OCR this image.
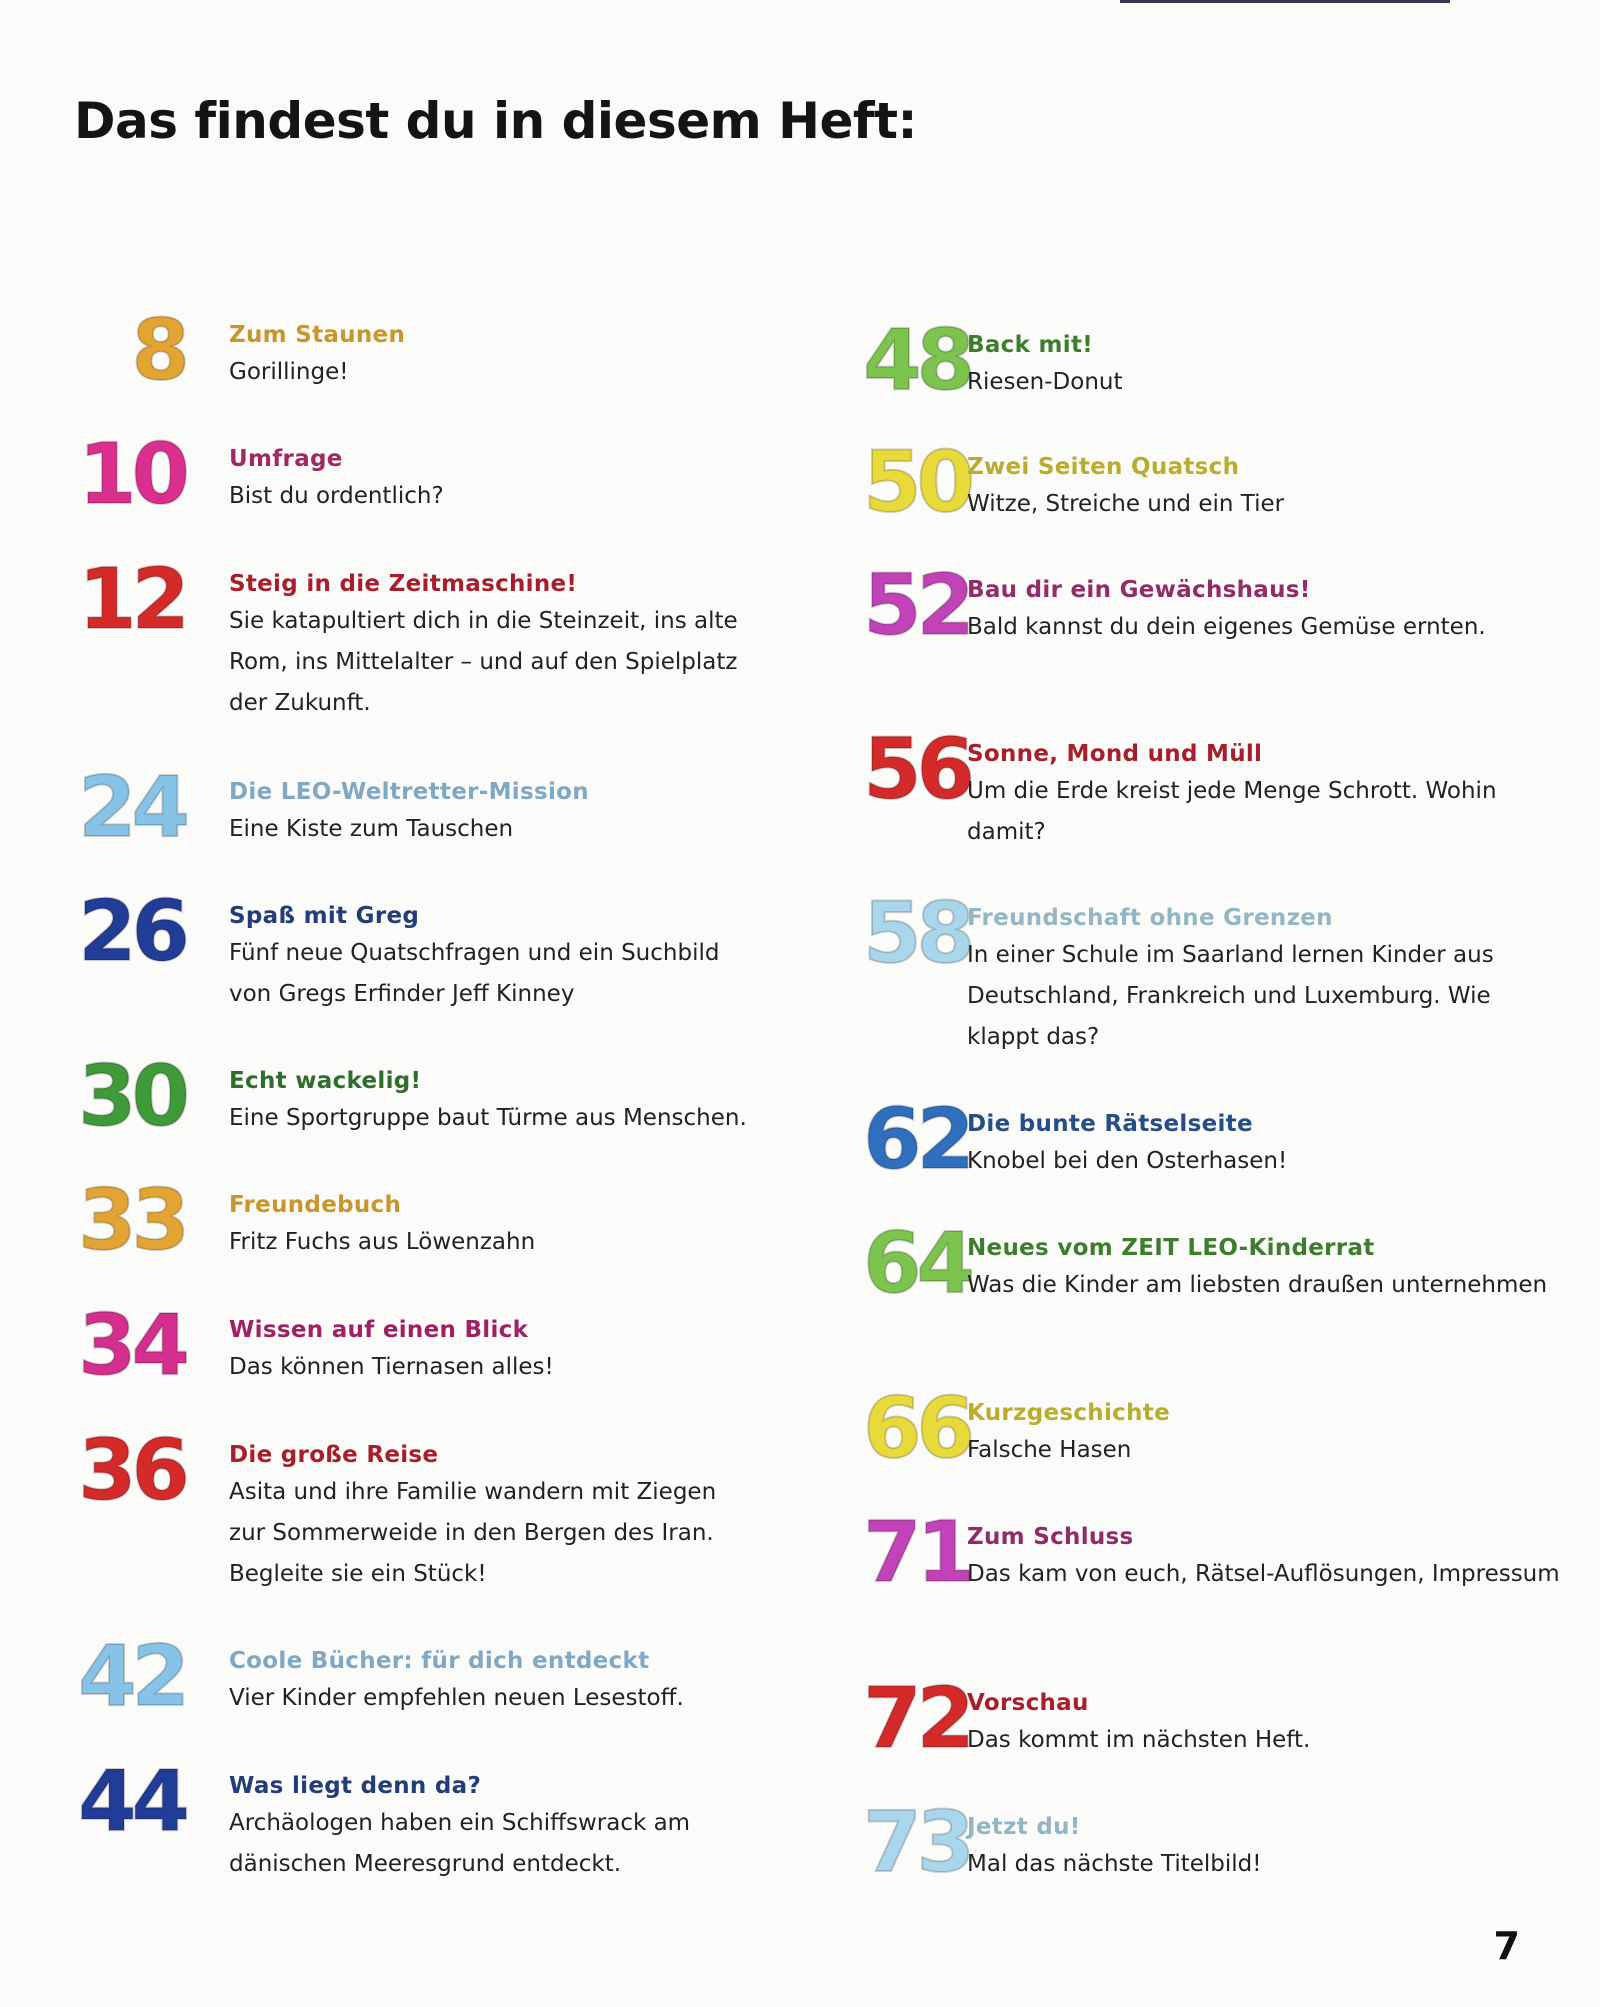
Das findest du in diesem Heft:
8 Zum Staunen
Gorillinge!
10 Umfrage
Bist du ordentlich?
12 Steig in die Zeitmaschine!
Sie katapultiert dich in die Steinzeit, ins alte Rom, ins Mittelalter – und auf den Spielplatz der Zukunft.
24 Die LEO-Weltretter-Mission
Eine Kiste zum Tauschen
26 Spaß mit Greg
Fünf neue Quatschfragen und ein Suchbild von Gregs Erfinder Jeff Kinney
30 Echt wackelig!
Eine Sportgruppe baut Türme aus Menschen.
33 Freundebuch
Fritz Fuchs aus Löwenzahn
34 Wissen auf einen Blick
Das können Tiernasen alles!
36 Die große Reise
Asita und ihre Familie wandern mit Ziegen zur Sommerweide in den Bergen des Iran. Begleite sie ein Stück!
42 Coole Bücher: für dich entdeckt
Vier Kinder empfehlen neuen Lesestoff.
44 Was liegt denn da?
Archäologen haben ein Schiffswrack am dänischen Meeresgrund entdeckt.
48
Back mit!
Riesen-Donut
50
Zwei Seiten Quatsch
Witze, Streiche und ein Tier
52
Bau dir ein Gewächshaus!
Bald kannst du dein eigenes Gemüse ernten.
56
Sonne, Mond und Müll
Um die Erde kreist jede Menge Schrott. Wohin damit?
58
Freundschaft ohne Grenzen
In einer Schule im Saarland lernen Kinder aus Deutschland, Frankreich und Luxemburg. Wie klappt das?
62
Die bunte Rätselseite
Knobel bei den Osterhasen!
64
Neues vom ZEIT LEO-Kinderrat
Was die Kinder am liebsten draußen unternehmen
66
Kurzgeschichte
Falsche Hasen
71
Zum Schluss
Das kam von euch, Rätsel-Auflösungen, Impressum
72
Vorschau
Das kommt im nächsten Heft.
73
Jetzt du!
Mal das nächste Titelbild!
7
